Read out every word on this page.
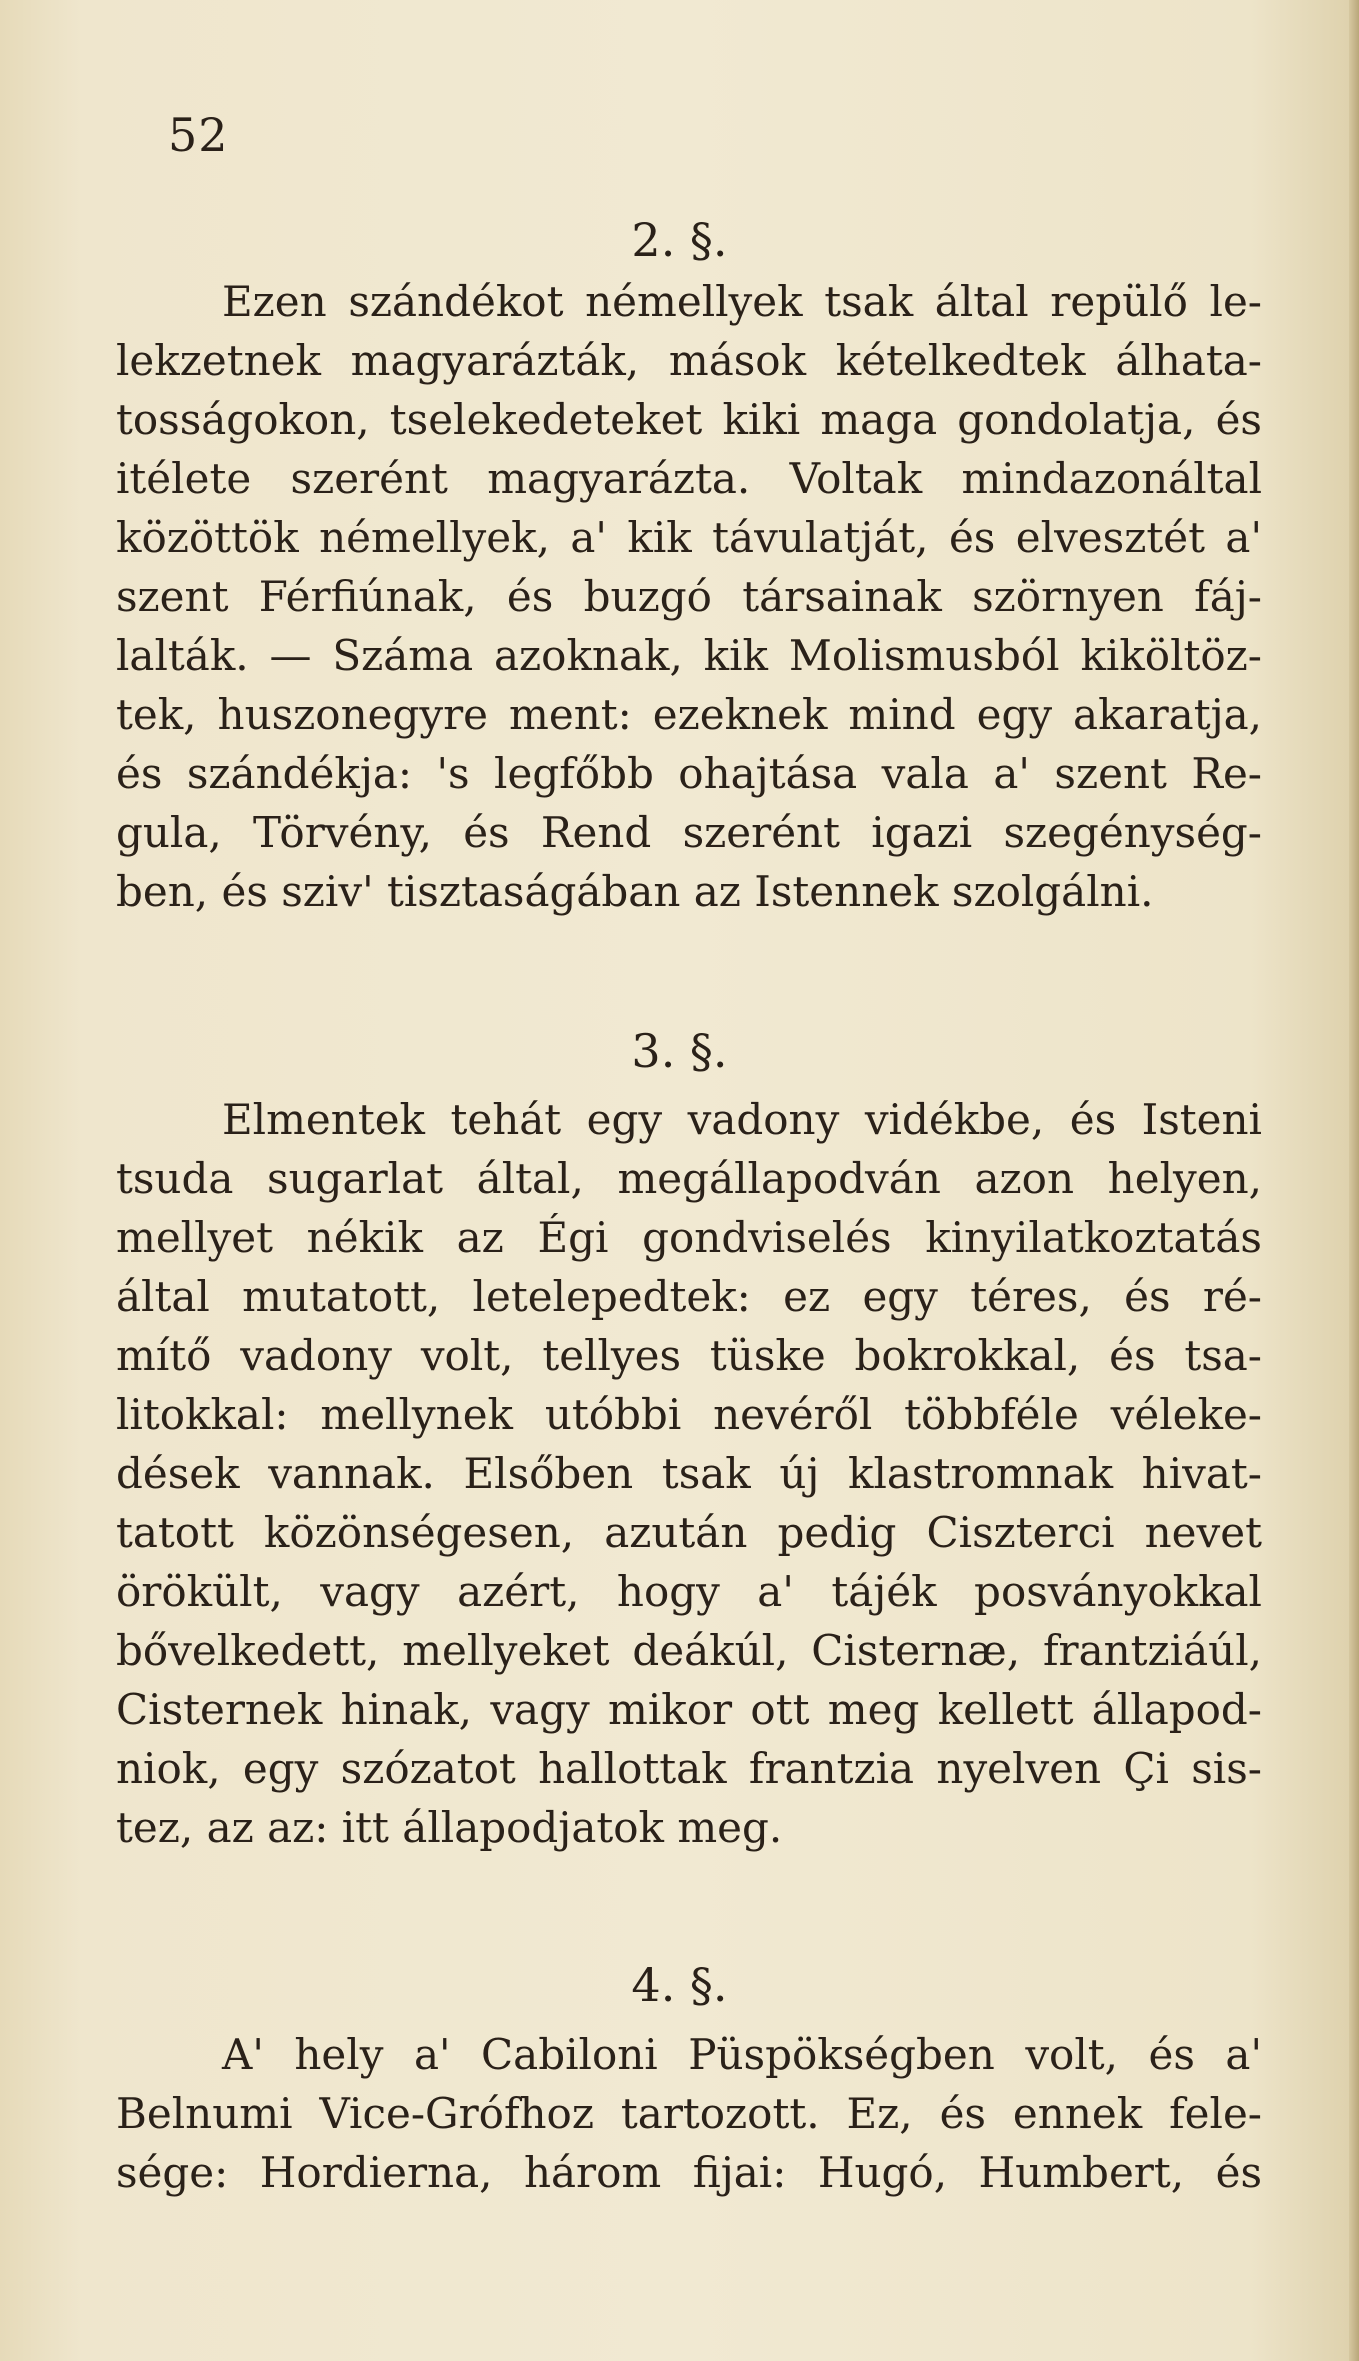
52
2. §.
Ezen szándékot némellyek tsak által repülő le-
lekzetnek magyarázták, mások kételkedtek álhata-
tosságokon, tselekedeteket kiki maga gondolatja, és
itélete szerént magyarázta. Voltak mindazonáltal
közöttök némellyek, a' kik távulatját, és elvesztét a'
szent Férfiúnak, és buzgó társainak szörnyen fáj-
lalták. — Száma azoknak, kik Molismusból kiköltöz-
tek, huszonegyre ment: ezeknek mind egy akaratja,
és szándékja: 's legfőbb ohajtása vala a' szent Re-
gula, Törvény, és Rend szerént igazi szegénység-
ben, és sziv' tisztaságában az Istennek szolgálni.
3. §.
Elmentek tehát egy vadony vidékbe, és Isteni
tsuda sugarlat által, megállapodván azon helyen,
mellyet nékik az Égi gondviselés kinyilatkoztatás
által mutatott, letelepedtek: ez egy téres, és ré-
mítő vadony volt, tellyes tüske bokrokkal, és tsa-
litokkal: mellynek utóbbi nevéről többféle véleke-
dések vannak. Elsőben tsak új klastromnak hivat-
tatott közönségesen, azután pedig Ciszterci nevet
örökült, vagy azért, hogy a' tájék posványokkal
bővelkedett, mellyeket deákúl, Cisternæ, frantziáúl,
Cisternek hinak, vagy mikor ott meg kellett állapod-
niok, egy szózatot hallottak frantzia nyelven Çi sis-
tez, az az: itt állapodjatok meg.
4. §.
A' hely a' Cabiloni Püspökségben volt, és a'
Belnumi Vice-Grófhoz tartozott. Ez, és ennek fele-
sége: Hordierna, három fijai: Hugó, Humbert, és
